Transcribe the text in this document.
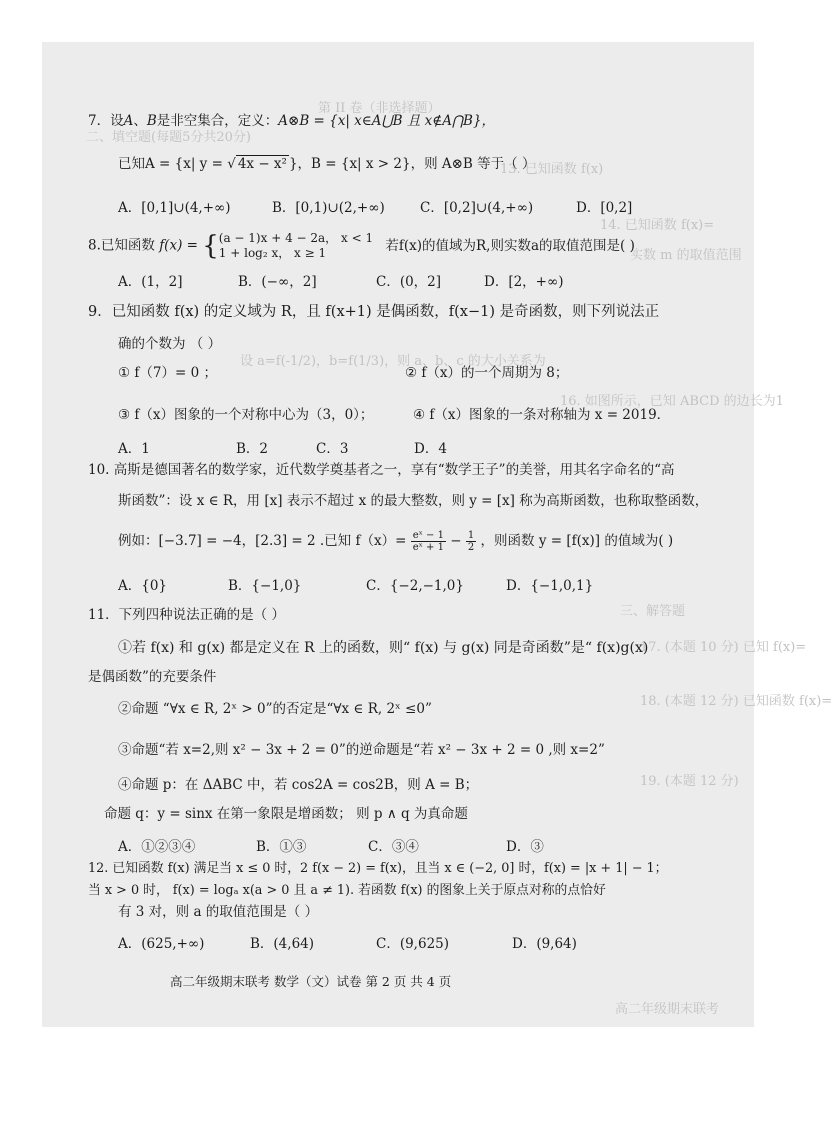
第 II 卷（非选择题）
二、填空题(每题5分共20分)
13. 已知函数 f(x)
14. 已知函数 f(x)=
实数 m 的取值范围
设 a=f(-1/2)，b=f(1/3)，则 a、b、c 的大小关系为
16. 如图所示，已知 ABCD 的边长为1
三、解答题
17. (本题 10 分) 已知 f(x)=
18. (本题 12 分) 已知函数 f(x)=
19. (本题 12 分)
高二年级期末联考
7．设A、B是非空集合，定义：A⊗B = {x| x∈A⋃B 且 x∉A⋂B}，
已知A = {x| y = √ 4x − x² }，B = {x| x > 2}，则 A⊗B 等于（ ）
A．[0,1]∪(4,+∞)	B．[0,1)∪(2,+∞)	C．[0,2]∪(4,+∞)	D．[0,2]
8.已知函数 f(x) = { (a − 1)x + 4 − 2a， x < 1
1 + log₂ x， x ≥ 1	若f(x)的值域为R,则实数a的取值范围是( )
A．(1，2]	B．(−∞，2]	C．(0，2]	D．[2，+∞)
9．已知函数 f(x) 的定义域为 R，且 f(x+1) 是偶函数，f(x−1) 是奇函数，则下列说法正
确的个数为 （ ）
① f（7）= 0 ；	② f（x）的一个周期为 8；
③ f（x）图象的一个对称中心为（3，0）；	④ f（x）图象的一条对称轴为 x = 2019．
A．1	B．2	C．3	D．4
10. 高斯是德国著名的数学家，近代数学奠基者之一，享有“数学王子”的美誉，用其名字命名的“高
斯函数”：设 x ∈ R，用 [x] 表示不超过 x 的最大整数，则 y = [x] 称为高斯函数，也称取整函数，
例如：[−3.7] = −4，[2.3] = 2 .已知 $f(x)= \frac{\text{eˣ − 1}}{\text{eˣ + 1}} - \frac{1}{2}$ ，则函数 y = [f(x)] 的值域为( )
A．{0}	B．{−1,0}	C．{−2,−1,0}	D．{−1,0,1}
11．下列四种说法正确的是（ ）
①若 f(x) 和 g(x) 都是定义在 R 上的函数，则“ f(x) 与 g(x) 同是奇函数”是“ f(x)g(x)
是偶函数”的充要条件
②命题 “∀x ∈ R, 2ˣ > 0”的否定是“∀x ∈ R, 2ˣ ≤0”
③命题“若 x=2,则 x² − 3x + 2 = 0”的逆命题是“若 x² − 3x + 2 = 0 ,则 x=2”
④命题 p：在 ΔABC 中，若 cos2A = cos2B，则 A = B；
命题 q：y = sinx 在第一象限是增函数； 则 p ∧ q 为真命题
A．①②③④	B．①③	C．③④	D．③
12. 已知函数 f(x) 满足当 x ≤ 0 时，2 f(x − 2) = f(x)，且当 x ∈ (−2, 0] 时，f(x) = |x + 1| − 1；
当 x > 0 时， f(x) = logₐ x(a > 0 且 a ≠ 1). 若函数 f(x) 的图象上关于原点对称的点恰好
有 3 对，则 a 的取值范围是（ ）
A．(625,+∞)	B．(4,64)	C．(9,625)	D．(9,64)
高二年级期末联考 数学（文）试卷 第 2 页 共 4 页
